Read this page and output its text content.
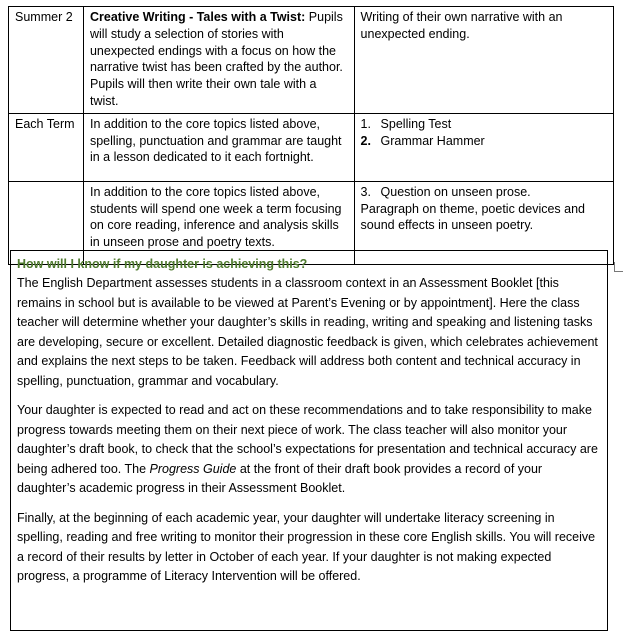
Summer 2	Creative Writing - Tales with a Twist: Pupils will study a selection of stories with unexpected endings with a focus on how the narrative twist has been crafted by the author. Pupils will then write their own tale with a twist.	Writing of their own narrative with an unexpected ending.
Each Term	In addition to the core topics listed above, spelling, punctuation and grammar are taught in a lesson dedicated to it each fortnight.	1. Spelling Test
2. Grammar Hammer

	In addition to the core topics listed above, students will spend one week a term focusing on core reading, inference and analysis skills in unseen prose and poetry texts.	3. Question on unseen prose.
Paragraph on theme, poetic devices and sound effects in unseen poetry.
How will I know if my daughter is achieving this?

The English Department assesses students in a classroom context in an Assessment Booklet [this remains in school but is available to be viewed at Parent’s Evening or by appointment]. Here the class teacher will determine whether your daughter’s skills in reading, writing and speaking and listening tasks are developing, secure or excellent. Detailed diagnostic feedback is given, which celebrates achievement and explains the next steps to be taken. Feedback will address both content and technical accuracy in spelling, punctuation, grammar and vocabulary.

Your daughter is expected to read and act on these recommendations and to take responsibility to make progress towards meeting them on their next piece of work. The class teacher will also monitor your daughter’s draft book, to check that the school’s expectations for presentation and technical accuracy are being adhered too. The Progress Guide at the front of their draft book provides a record of your daughter’s academic progress in their Assessment Booklet.

Finally, at the beginning of each academic year, your daughter will undertake literacy screening in spelling, reading and free writing to monitor their progression in these core English skills. You will receive a record of their results by letter in October of each year. If your daughter is not making expected progress, a programme of Literacy Intervention will be offered.
